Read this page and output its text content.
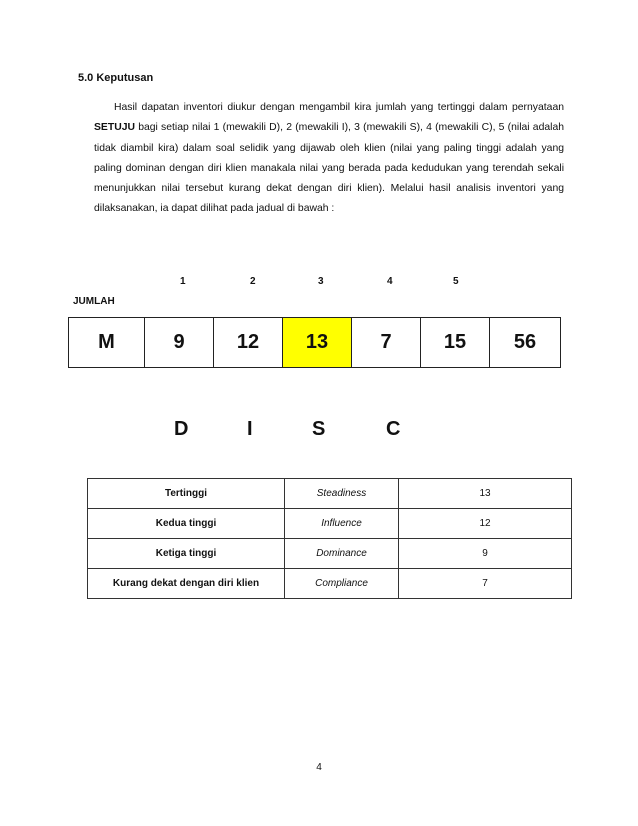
5.0 Keputusan
Hasil dapatan inventori diukur dengan mengambil kira jumlah yang tertinggi dalam pernyataan SETUJU bagi setiap nilai 1 (mewakili D), 2 (mewakili I), 3 (mewakili S), 4 (mewakili C), 5 (nilai adalah tidak diambil kira) dalam soal selidik yang dijawab oleh klien (nilai yang paling tinggi adalah yang paling dominan dengan diri klien manakala nilai yang berada pada kedudukan yang terendah sekali menunjukkan nilai tersebut kurang dekat dengan diri klien). Melalui hasil analisis inventori yang dilaksanakan, ia dapat dilihat pada jadual di bawah :
1	2	3	4	5
JUMLAH
M	9	12	13	7	15	56
D	I	S	C
Tertinggi	Steadiness	13
Kedua tinggi	Influence	12
Ketiga tinggi	Dominance	9
Kurang dekat dengan diri klien	Compliance	7
4
